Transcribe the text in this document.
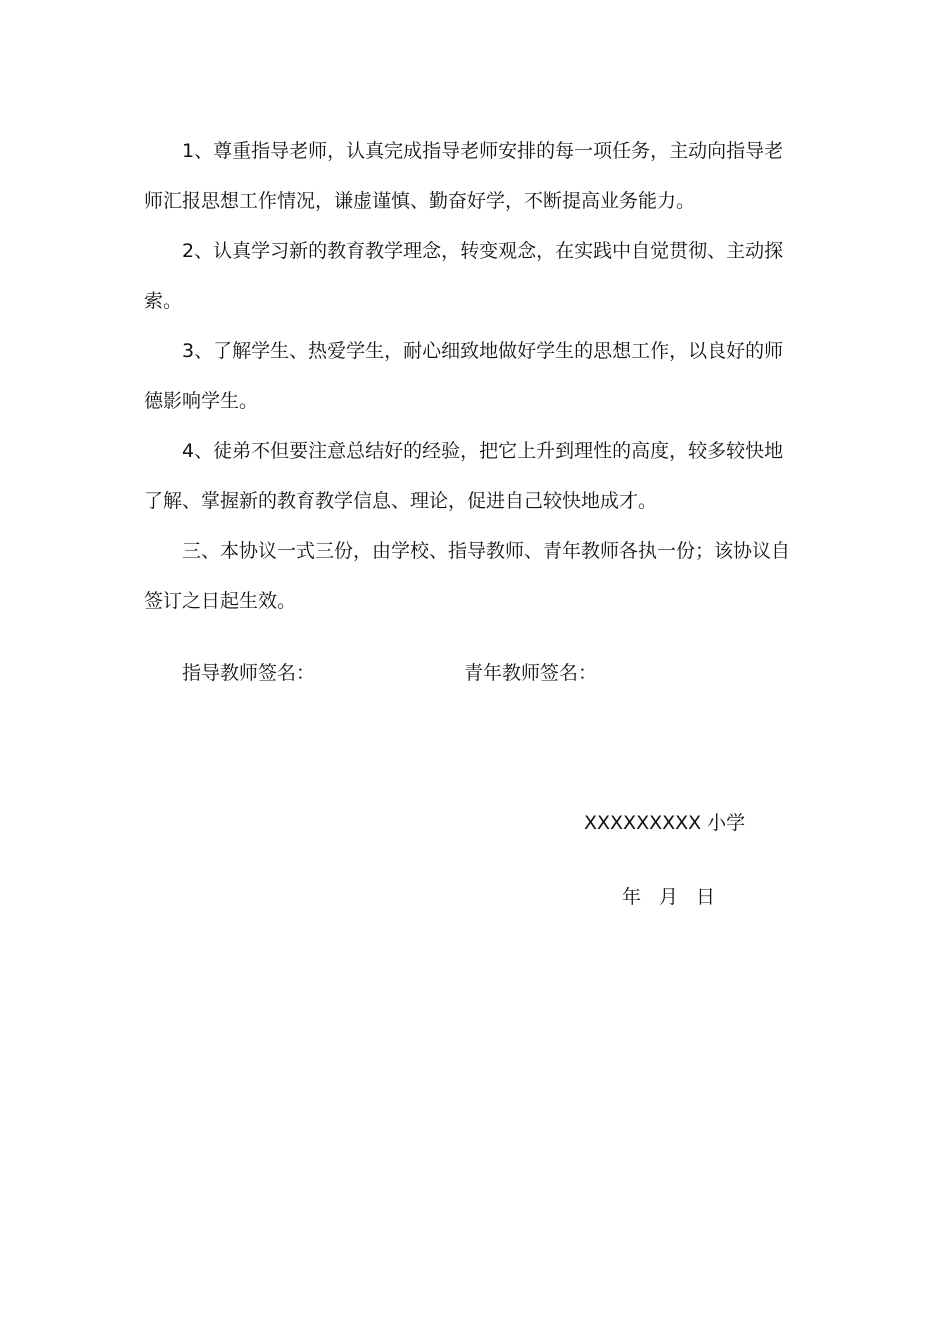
1、尊重指导老师，认真完成指导老师安排的每一项任务，主动向指导老师汇报思想工作情况，谦虚谨慎、勤奋好学，不断提高业务能力。

2、认真学习新的教育教学理念，转变观念，在实践中自觉贯彻、主动探索。

3、了解学生、热爱学生，耐心细致地做好学生的思想工作，以良好的师德影响学生。

4、徒弟不但要注意总结好的经验，把它上升到理性的高度，较多较快地了解、掌握新的教育教学信息、理论，促进自己较快地成才。

三、本协议一式三份，由学校、指导教师、青年教师各执一份；该协议自签订之日起生效。

指导教师签名：	青年教师签名：
XXXXXXXXX 小学
年 月 日
